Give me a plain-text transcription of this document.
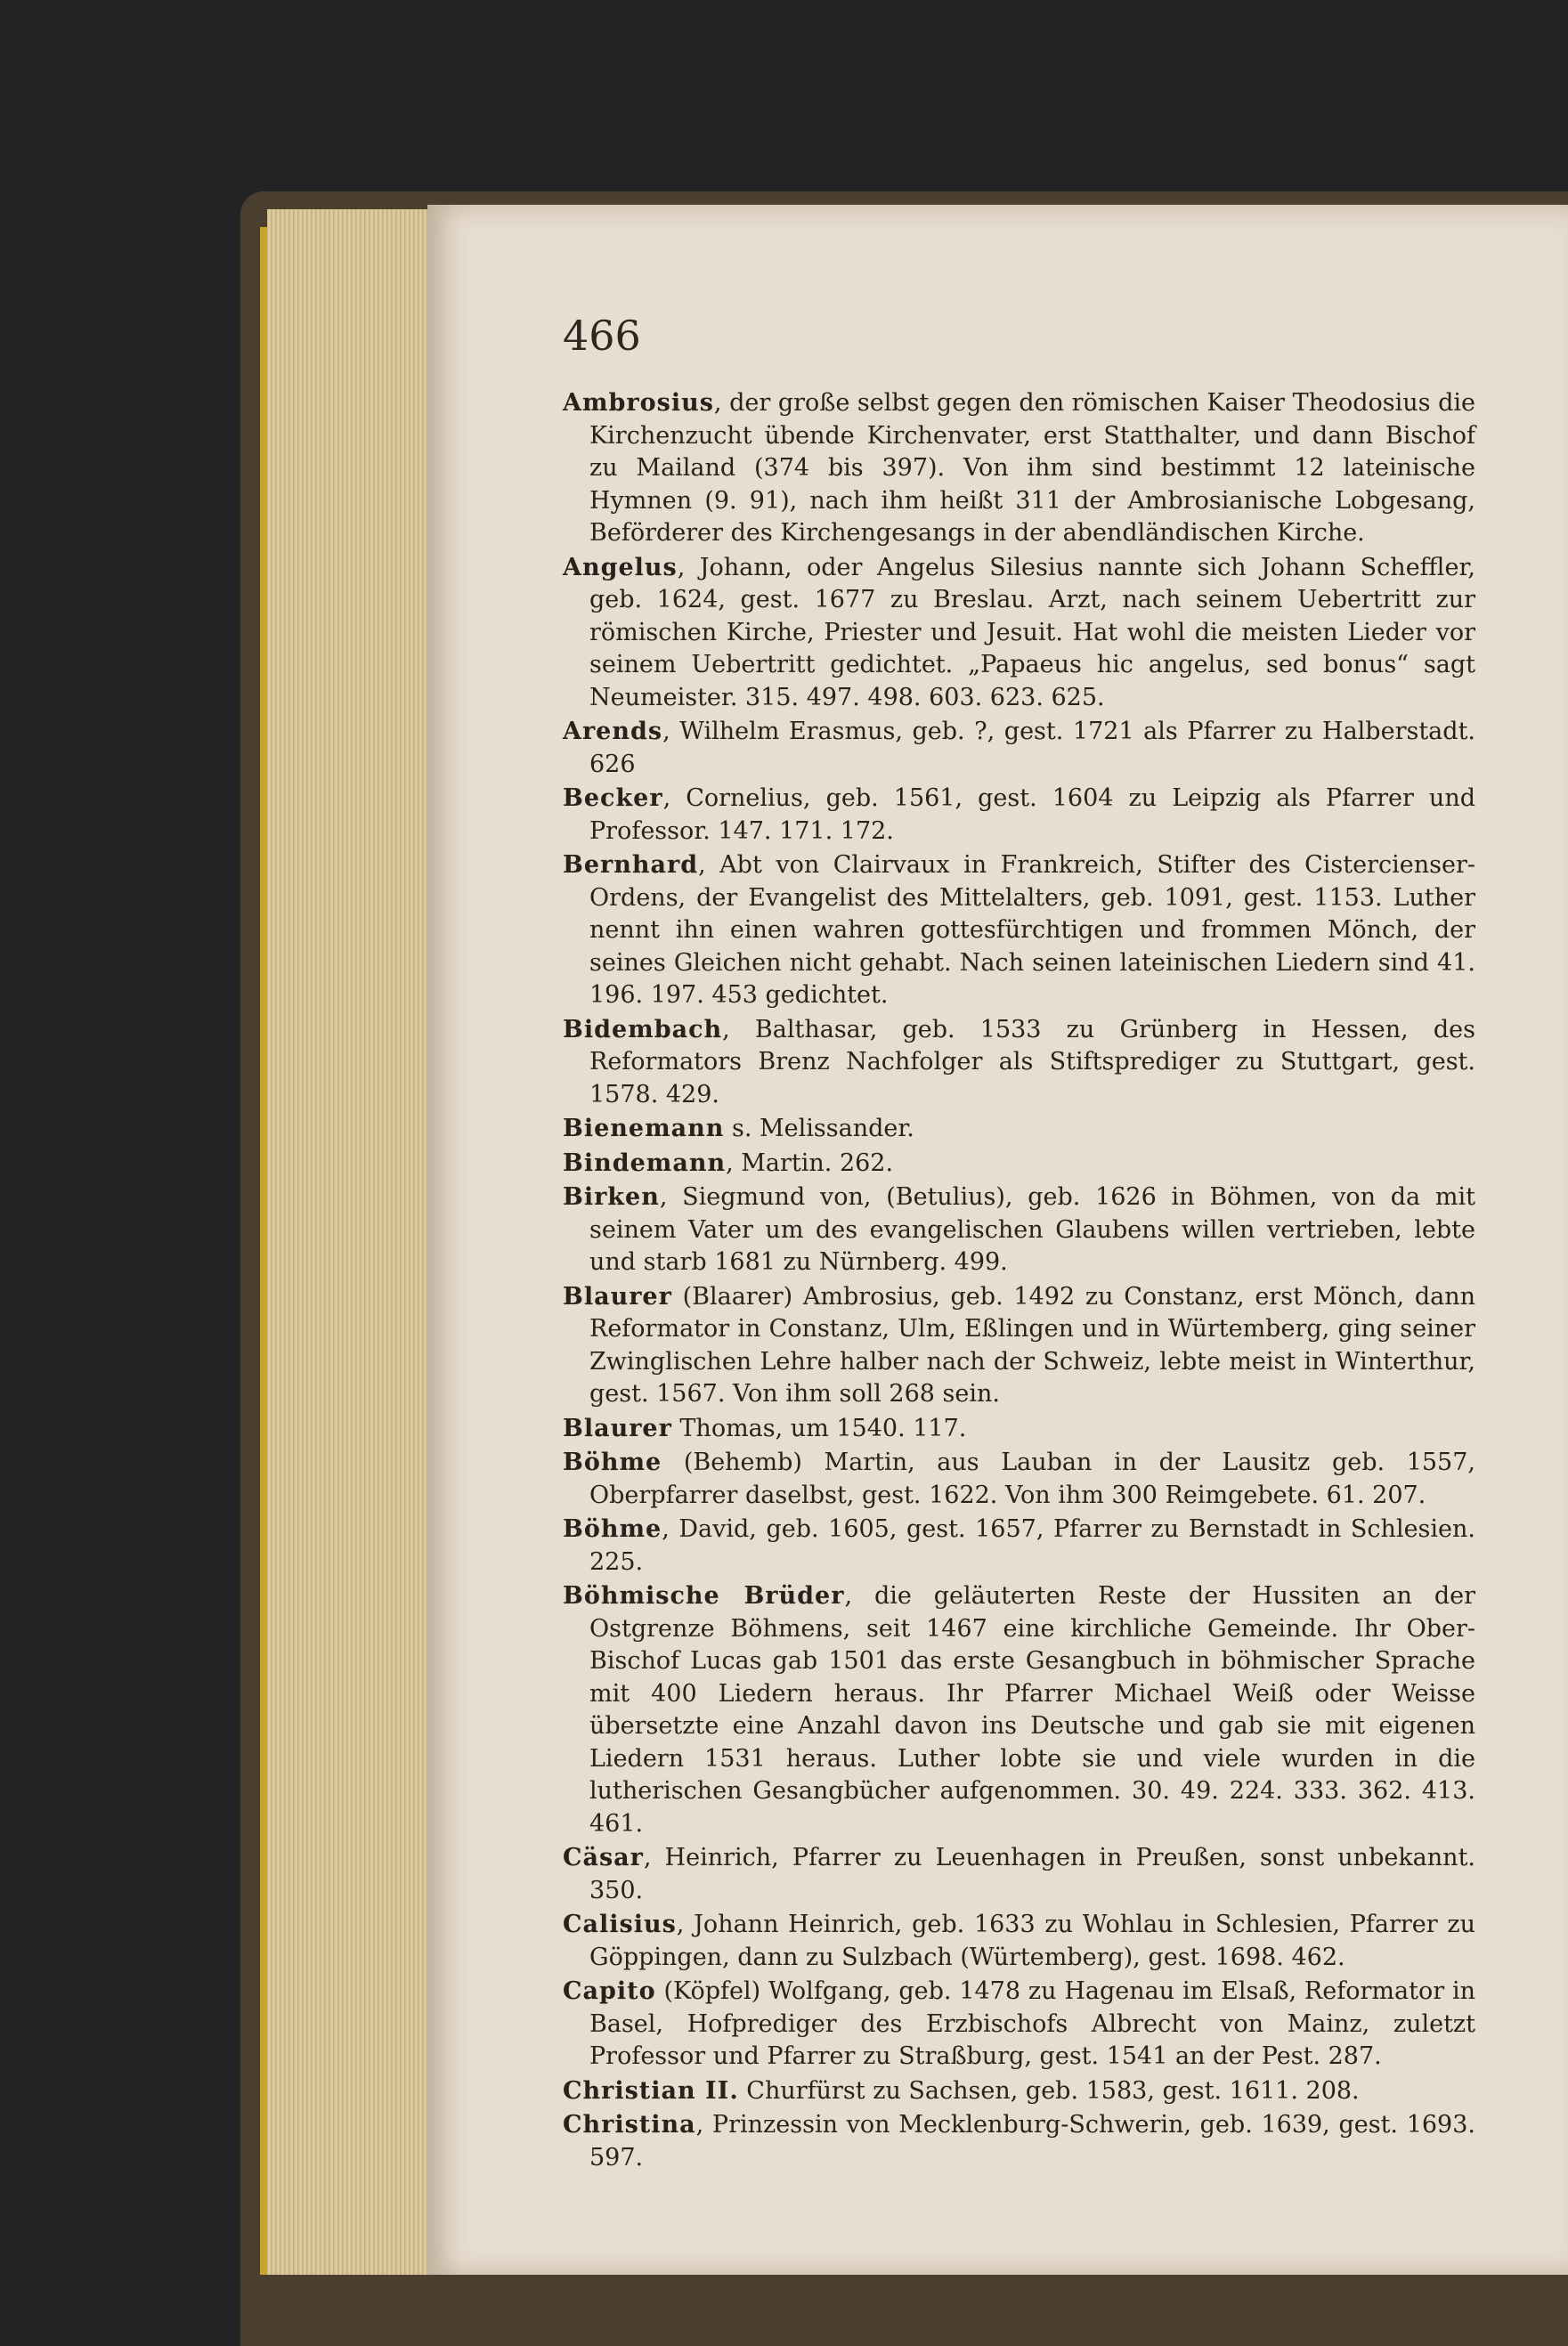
466

Ambrosius, der große selbst gegen den römischen Kaiser Theodosius die Kirchenzucht übende Kirchenvater, erst Statthalter, und dann Bischof zu Mailand (374 bis 397). Von ihm sind bestimmt 12 lateinische Hymnen (9. 91), nach ihm heißt 311 der Ambrosianische Lobgesang, Beförderer des Kirchengesangs in der abendländischen Kirche.

Angelus, Johann, oder Angelus Silesius nannte sich Johann Scheffler, geb. 1624, gest. 1677 zu Breslau. Arzt, nach seinem Uebertritt zur römischen Kirche, Priester und Jesuit. Hat wohl die meisten Lieder vor seinem Uebertritt gedichtet. „Papaeus hic angelus, sed bonus“ sagt Neumeister. 315. 497. 498. 603. 623. 625.

Arends, Wilhelm Erasmus, geb. ?, gest. 1721 als Pfarrer zu Halberstadt. 626

Becker, Cornelius, geb. 1561, gest. 1604 zu Leipzig als Pfarrer und Professor. 147. 171. 172.

Bernhard, Abt von Clairvaux in Frankreich, Stifter des Cistercienser-Ordens, der Evangelist des Mittelalters, geb. 1091, gest. 1153. Luther nennt ihn einen wahren gottesfürchtigen und frommen Mönch, der seines Gleichen nicht gehabt. Nach seinen lateinischen Liedern sind 41. 196. 197. 453 gedichtet.

Bidembach, Balthasar, geb. 1533 zu Grünberg in Hessen, des Reformators Brenz Nachfolger als Stiftsprediger zu Stuttgart, gest. 1578. 429.

Bienemann s. Melissander.

Bindemann, Martin. 262.

Birken, Siegmund von, (Betulius), geb. 1626 in Böhmen, von da mit seinem Vater um des evangelischen Glaubens willen vertrieben, lebte und starb 1681 zu Nürnberg. 499.

Blaurer (Blaarer) Ambrosius, geb. 1492 zu Constanz, erst Mönch, dann Reformator in Constanz, Ulm, Eßlingen und in Würtemberg, ging seiner Zwinglischen Lehre halber nach der Schweiz, lebte meist in Winterthur, gest. 1567. Von ihm soll 268 sein.

Blaurer Thomas, um 1540. 117.

Böhme (Behemb) Martin, aus Lauban in der Lausitz geb. 1557, Oberpfarrer daselbst, gest. 1622. Von ihm 300 Reimgebete. 61. 207.

Böhme, David, geb. 1605, gest. 1657, Pfarrer zu Bernstadt in Schlesien. 225.

Böhmische Brüder, die geläuterten Reste der Hussiten an der Ostgrenze Böhmens, seit 1467 eine kirchliche Gemeinde. Ihr Ober-Bischof Lucas gab 1501 das erste Gesangbuch in böhmischer Sprache mit 400 Liedern heraus. Ihr Pfarrer Michael Weiß oder Weisse übersetzte eine Anzahl davon ins Deutsche und gab sie mit eigenen Liedern 1531 heraus. Luther lobte sie und viele wurden in die lutherischen Gesangbücher aufgenommen. 30. 49. 224. 333. 362. 413. 461.

Cäsar, Heinrich, Pfarrer zu Leuenhagen in Preußen, sonst unbekannt. 350.

Calisius, Johann Heinrich, geb. 1633 zu Wohlau in Schlesien, Pfarrer zu Göppingen, dann zu Sulzbach (Würtemberg), gest. 1698. 462.

Capito (Köpfel) Wolfgang, geb. 1478 zu Hagenau im Elsaß, Reformator in Basel, Hofprediger des Erzbischofs Albrecht von Mainz, zuletzt Professor und Pfarrer zu Straßburg, gest. 1541 an der Pest. 287.

Christian II. Churfürst zu Sachsen, geb. 1583, gest. 1611. 208.

Christina, Prinzessin von Mecklenburg-Schwerin, geb. 1639, gest. 1693. 597.
